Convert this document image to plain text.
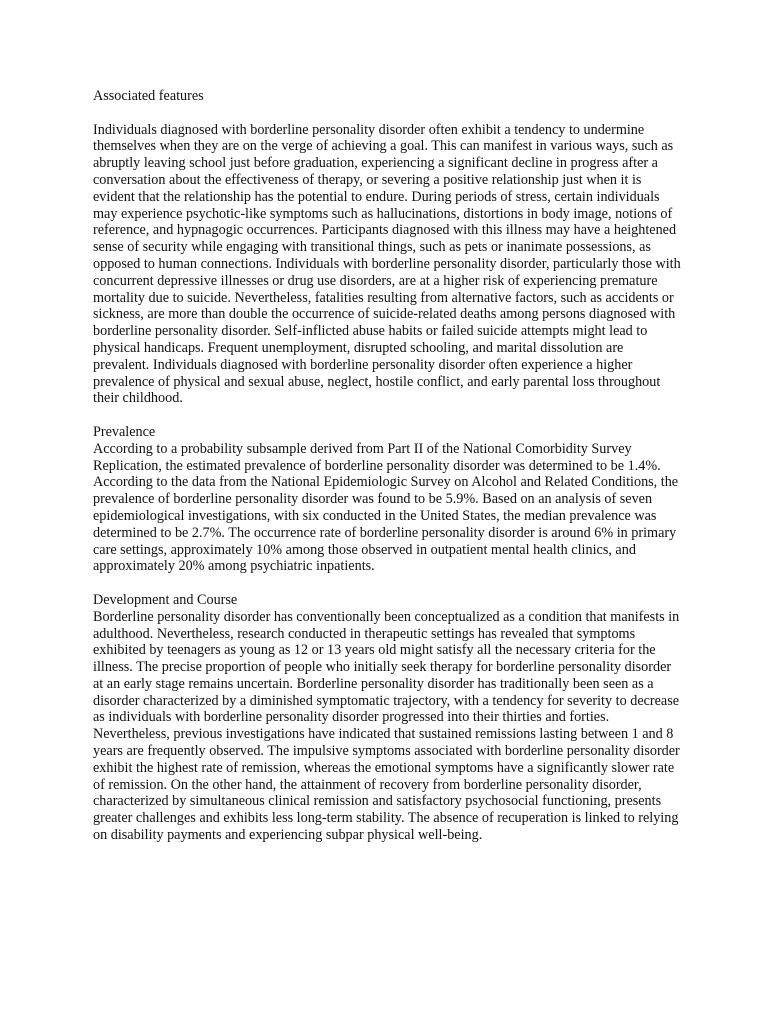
Associated features

Individuals diagnosed with borderline personality disorder often exhibit a tendency to undermine themselves when they are on the verge of achieving a goal. This can manifest in various ways, such as abruptly leaving school just before graduation, experiencing a significant decline in progress after a conversation about the effectiveness of therapy, or severing a positive relationship just when it is evident that the relationship has the potential to endure. During periods of stress, certain individuals may experience psychotic-like symptoms such as hallucinations, distortions in body image, notions of reference, and hypnagogic occurrences. Participants diagnosed with this illness may have a heightened sense of security while engaging with transitional things, such as pets or inanimate possessions, as opposed to human connections. Individuals with borderline personality disorder, particularly those with concurrent depressive illnesses or drug use disorders, are at a higher risk of experiencing premature mortality due to suicide. Nevertheless, fatalities resulting from alternative factors, such as accidents or sickness, are more than double the occurrence of suicide-related deaths among persons diagnosed with borderline personality disorder. Self-inflicted abuse habits or failed suicide attempts might lead to physical handicaps. Frequent unemployment, disrupted schooling, and marital dissolution are prevalent. Individuals diagnosed with borderline personality disorder often experience a higher prevalence of physical and sexual abuse, neglect, hostile conflict, and early parental loss throughout their childhood.

Prevalence

According to a probability subsample derived from Part II of the National Comorbidity Survey Replication, the estimated prevalence of borderline personality disorder was determined to be 1.4%. According to the data from the National Epidemiologic Survey on Alcohol and Related Conditions, the prevalence of borderline personality disorder was found to be 5.9%. Based on an analysis of seven epidemiological investigations, with six conducted in the United States, the median prevalence was determined to be 2.7%. The occurrence rate of borderline personality disorder is around 6% in primary care settings, approximately 10% among those observed in outpatient mental health clinics, and approximately 20% among psychiatric inpatients.

Development and Course

Borderline personality disorder has conventionally been conceptualized as a condition that manifests in adulthood. Nevertheless, research conducted in therapeutic settings has revealed that symptoms exhibited by teenagers as young as 12 or 13 years old might satisfy all the necessary criteria for the illness. The precise proportion of people who initially seek therapy for borderline personality disorder at an early stage remains uncertain. Borderline personality disorder has traditionally been seen as a disorder characterized by a diminished symptomatic trajectory, with a tendency for severity to decrease as individuals with borderline personality disorder progressed into their thirties and forties. Nevertheless, previous investigations have indicated that sustained remissions lasting between 1 and 8 years are frequently observed. The impulsive symptoms associated with borderline personality disorder exhibit the highest rate of remission, whereas the emotional symptoms have a significantly slower rate of remission. On the other hand, the attainment of recovery from borderline personality disorder, characterized by simultaneous clinical remission and satisfactory psychosocial functioning, presents greater challenges and exhibits less long-term stability. The absence of recuperation is linked to relying on disability payments and experiencing subpar physical well-being.
